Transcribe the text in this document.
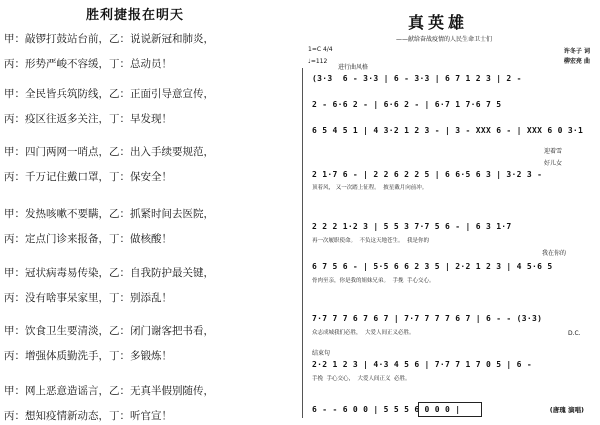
胜利捷报在明天
甲：敲锣打鼓站台前，乙：说说新冠和肺炎，
丙：形势严峻不容缓，丁：总动员！
甲：全民皆兵筑防线，乙：正面引导意宣传，
丙：疫区往返多关注，丁：早发现！
甲：四门两网一哨点，乙：出入手续要规范，
丙：千万记住戴口罩，丁：保安全！
甲：发热咳嗽不要瞒，乙：抓紧时间去医院，
丙：定点门诊来报备，丁：做核酸！
甲：冠状病毒易传染，乙：自我防护最关键，
丙：没有啥事呆家里，丁：别添乱！
甲：饮食卫生要清淡，乙：闭门谢客把书看，
丙：增强体质勤洗手，丁：多锻炼！
甲：网上恶意造谣言，乙：无真半假别随传，
丙：想知疫情新动态，丁：听官宣！
真英雄
——献给奋战疫情的人民生命卫士们
许冬子 词
柳宏亮 曲
1=C 4/4
♩=112
进行曲风格
(3·3  6 - 3·3 | 6 - 3·3 | 6 7 1 2 3 | 2 -
2 - 6·6 2 - | 6·6 2 - | 6·7 1 7·6 7 5
6 5 4 5 1 | 4 3·2 1 2 3 - | 3 - XXX 6 - | XXX 6 0 3·1
迎着雪
好儿女
2 1·7 6 - | 2 2 6 2 2 5 | 6 6·5 6 3 | 3·2 3 -
顶着风， 又一次踏上征程。  披星戴月向前冲。
2 2 2 1·2 3 | 5 5 3 7·7 5 6 - | 6 3 1·7
再一次履职使命。  不负这天地苍生。  我是你的
我在你的
6 7 5 6 - | 5·5 6 6 2 3 5 | 2·2 1 2 3 | 4 5·6 5
骨肉至亲，你是我的姐妹兄弟。  手挽  手心交心。
7·7 7 7 6 7 6 7 | 7·7 7 7 7 6 7 | 6 - - (3·3)
众志成城我们必胜，  大爱人间正义必胜。	D.C.
结束句
2·2 1 2 3 | 4·3 4 5 6 | 7·7 7 1 7 0 5 | 6 -
手挽  手心交心，  大爱人间正义  必胜。
6 - - 6 0 0 | 5 5 5 6 0 0 0 |	(唐瑰 演唱)
